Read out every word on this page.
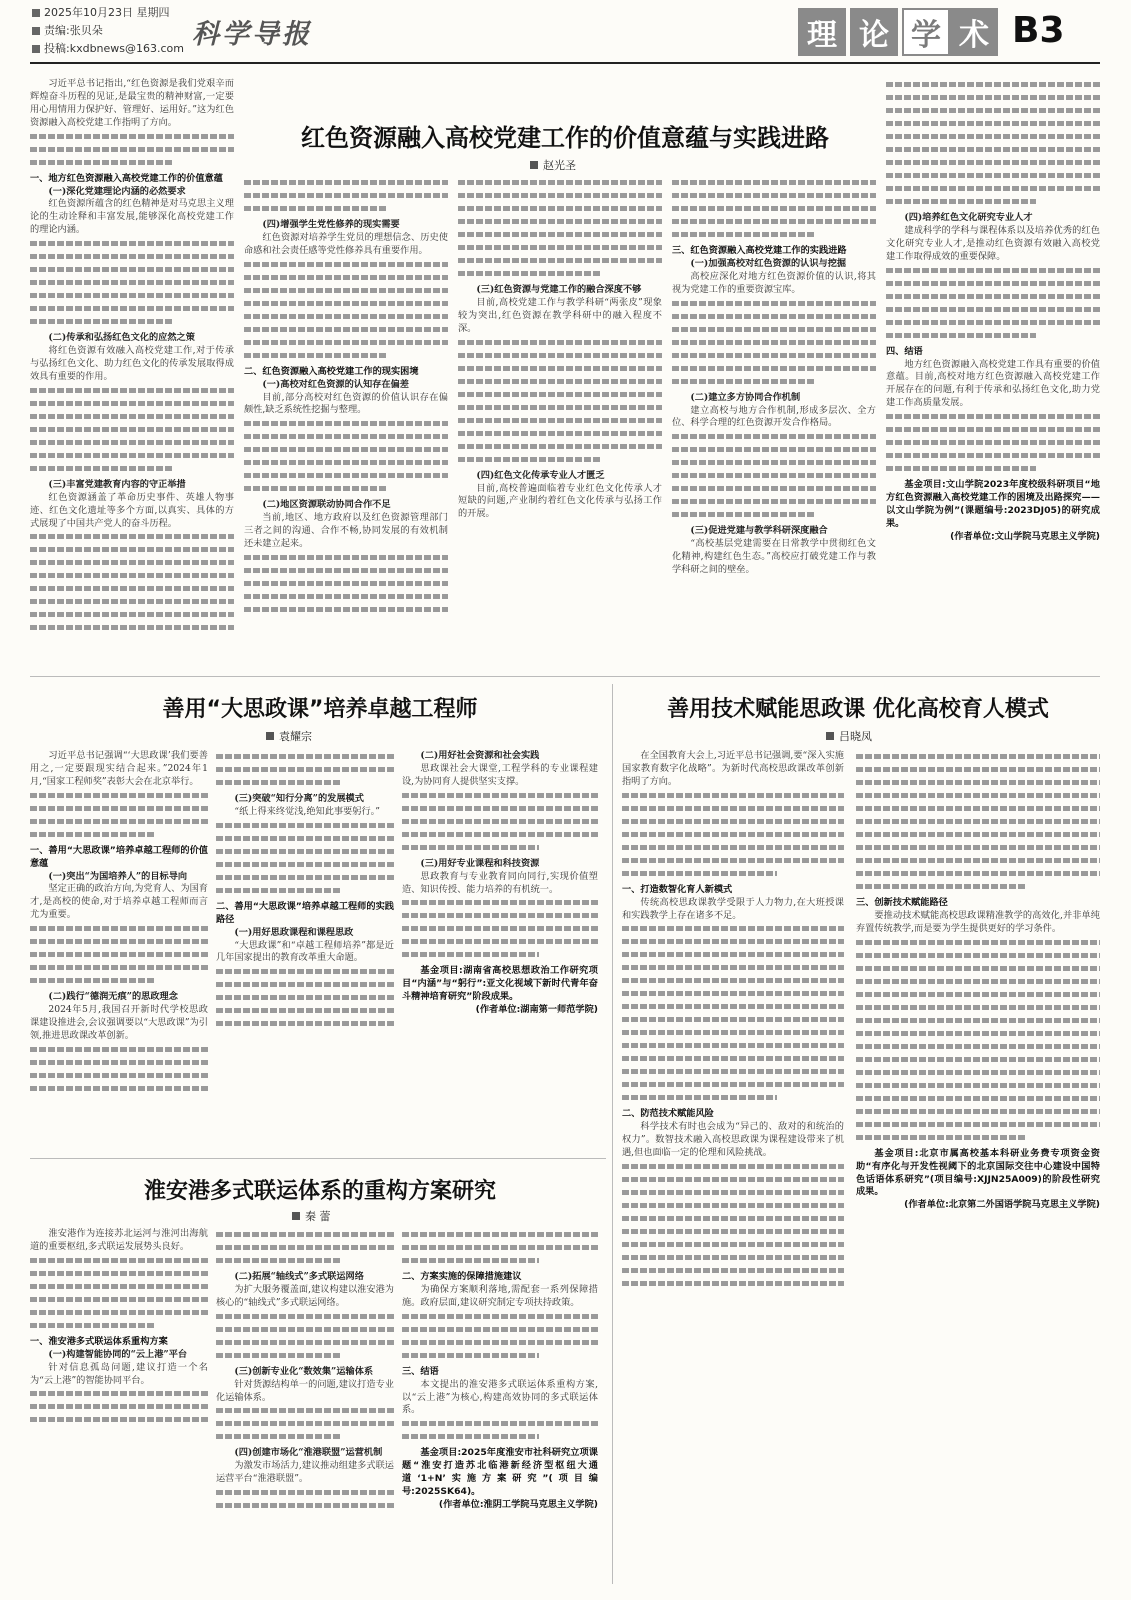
2025年10月23日 星期四
责编:张贝朵
投稿:kxdbnews@163.com 科学导报	理 论 学 术 B3
红色资源融入高校党建工作的价值意蕴与实践进路
赵光圣

习近平总书记指出,“红色资源是我们党艰辛而辉煌奋斗历程的见证,是最宝贵的精神财富,一定要用心用情用力保护好、管理好、运用好。”这为红色资源融入高校党建工作指明了方向。

一、地方红色资源融入高校党建工作的价值意蕴

(一)深化党建理论内涵的必然要求

红色资源所蕴含的红色精神是对马克思主义理论的生动诠释和丰富发展,能够深化高校党建工作的理论内涵。

(二)传承和弘扬红色文化的应然之策

将红色资源有效融入高校党建工作,对于传承与弘扬红色文化、助力红色文化的传承发展取得成效具有重要的作用。

(三)丰富党建教育内容的守正举措

红色资源涵盖了革命历史事件、英雄人物事迹、红色文化遗址等多个方面,以真实、具体的方式展现了中国共产党人的奋斗历程。

(四)增强学生党性修养的现实需要

红色资源对培养学生党员的理想信念、历史使命感和社会责任感等党性修养具有重要作用。

二、红色资源融入高校党建工作的现实困境

(一)高校对红色资源的认知存在偏差

目前,部分高校对红色资源的价值认识存在偏颇性,缺乏系统性挖掘与整理。

(二)地区资源联动协同合作不足

当前,地区、地方政府以及红色资源管理部门三者之间的沟通、合作不畅,协同发展的有效机制还未建立起来。

(三)红色资源与党建工作的融合深度不够

目前,高校党建工作与教学科研“两张皮”现象较为突出,红色资源在教学科研中的融入程度不深。

(四)红色文化传承专业人才匮乏

目前,高校普遍面临着专业红色文化传承人才短缺的问题,产业制约着红色文化传承与弘扬工作的开展。

三、红色资源融入高校党建工作的实践进路

(一)加强高校对红色资源的认识与挖掘

高校应深化对地方红色资源价值的认识,将其视为党建工作的重要资源宝库。

(二)建立多方协同合作机制

建立高校与地方合作机制,形成多层次、全方位、科学合理的红色资源开发合作格局。

(三)促进党建与教学科研深度融合

“高校基层党建需要在日常教学中贯彻红色文化精神,构建红色生态。”高校应打破党建工作与教学科研之间的壁垒。

(四)培养红色文化研究专业人才

建成科学的学科与课程体系以及培养优秀的红色文化研究专业人才,是推动红色资源有效融入高校党建工作取得成效的重要保障。

四、结语

地方红色资源融入高校党建工作具有重要的价值意蕴。目前,高校对地方红色资源融入高校党建工作开展存在的问题,有利于传承和弘扬红色文化,助力党建工作高质量发展。

基金项目:文山学院2023年度校级科研项目“地方红色资源融入高校党建工作的困境及出路探究——以文山学院为例”(课题编号:2023DJ05)的研究成果。

(作者单位:文山学院马克思主义学院)

善用“大思政课”培养卓越工程师
袁耀宗

习近平总书记强调“‘大思政课’我们要善用之,一定要跟现实结合起来。”2024年1月,“国家工程师奖”表彰大会在北京举行。

一、善用“大思政课”培养卓越工程师的价值意蕴

(一)突出“为国培养人”的目标导向

坚定正确的政治方向,为党育人、为国育才,是高校的使命,对于培养卓越工程师而言尤为重要。

(二)践行“德润无痕”的思政理念

2024年5月,我国召开新时代学校思政课建设推进会,会议强调要以“大思政课”为引领,推进思政课改革创新。

(三)突破“知行分离”的发展模式

“纸上得来终觉浅,绝知此事要躬行。”

二、善用“大思政课”培养卓越工程师的实践路径

(一)用好思政课程和课程思政

“大思政课”和“卓越工程师培养”都是近几年国家提出的教育改革重大命题。

(二)用好社会资源和社会实践

思政课社会大课堂,工程学科的专业课程建设,为协同育人提供坚实支撑。

(三)用好专业课程和科技资源

思政教育与专业教育同向同行,实现价值塑造、知识传授、能力培养的有机统一。

基金项目:湖南省高校思想政治工作研究项目“内涵”与“躬行”:亚文化视域下新时代青年奋斗精神培育研究”阶段成果。

(作者单位:湖南第一师范学院)

淮安港多式联运体系的重构方案研究
秦 蕾

淮安港作为连接苏北运河与淮河出海航道的重要枢纽,多式联运发展势头良好。

一、淮安港多式联运体系重构方案

(一)构建智能协同的“云上港”平台

针对信息孤岛问题,建议打造一个名为“云上港”的智能协同平台。

(二)拓展“轴线式”多式联运网络

为扩大服务覆盖面,建议构建以淮安港为核心的“轴线式”多式联运网络。

(三)创新专业化“数效集”运输体系

针对货源结构单一的问题,建议打造专业化运输体系。

(四)创建市场化“淮港联盟”运营机制

为激发市场活力,建议推动组建多式联运运营平台“淮港联盟”。

二、方案实施的保障措施建议

为确保方案顺利落地,需配套一系列保障措施。政府层面,建议研究制定专项扶持政策。

三、结语

本文提出的淮安港多式联运体系重构方案,以“云上港”为核心,构建高效协同的多式联运体系。

基金项目:2025年度淮安市社科研究立项课题“淮安打造苏北临港新经济型枢纽大通道‘1+N’实施方案研究”(项目编号:2025SK64)。

(作者单位:淮阴工学院马克思主义学院)

善用技术赋能思政课 优化高校育人模式
吕晓凤

在全国教育大会上,习近平总书记强调,要“深入实施国家教育数字化战略”。为新时代高校思政课改革创新指明了方向。

一、打造数智化育人新模式

传统高校思政课教学受限于人力物力,在大班授课和实践教学上存在诸多不足。

二、防范技术赋能风险

科学技术有时也会成为“异己的、敌对的和统治的权力”。数智技术融入高校思政课为课程建设带来了机遇,但也面临一定的伦理和风险挑战。

三、创新技术赋能路径

要推动技术赋能高校思政课精准教学的高效化,并非单纯弃置传统教学,而是要为学生提供更好的学习条件。

基金项目:北京市属高校基本科研业务费专项资金资助“有序化与开发性视阈下的北京国际交往中心建设中国特色话语体系研究”(项目编号:XJJN25A009)的阶段性研究成果。

(作者单位:北京第二外国语学院马克思主义学院)
